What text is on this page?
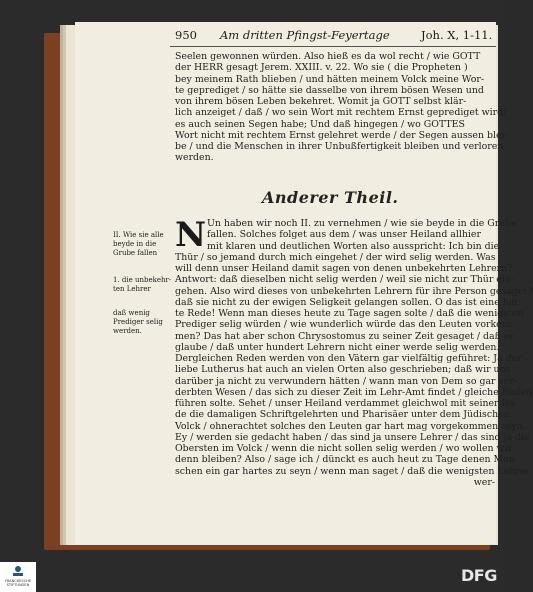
950 Am dritten Pfingst-Feyertage	Joh. X, 1-11.
Seelen gewonnen würden. Also hieß es da wol recht / wie GOTT
der HERR gesagt Jerem. XXIII. v. 22. Wo sie ( die Propheten )
bey meinem Rath blieben / und hätten meinem Volck meine Wor-
te geprediget / so hätte sie dasselbe von ihrem bösen Wesen und
von ihrem bösen Leben bekehret. Womit ja GOTT selbst klär-
lich anzeiget / daß / wo sein Wort mit rechtem Ernst geprediget wird/
es auch seinen Segen habe; Und daß hingegen / wo GOTTES
Wort nicht mit rechtem Ernst gelehret werde / der Segen aussen blei-
be / und die Menschen in ihrer Unbußfertigkeit bleiben und verloren
werden.
Anderer Theil.
N Un haben wir noch II. zu vernehmen / wie sie beyde in die Grube
fallen. Solches folget aus dem / was unser Heiland allhier
mit klaren und deutlichen Worten also ausspricht: Ich bin die
Thür / so jemand durch mich eingehet / der wird selig werden. Was
will denn unser Heiland damit sagen von denen unbekehrten Lehrern?
Antwort: daß dieselben nicht selig werden / weil sie nicht zur Thür ein-
gehen. Also wird dieses von unbekehrten Lehrern für ihre Person gesaget /
daß sie nicht zu der ewigen Seligkeit gelangen sollen. O das ist eine har-
te Rede! Wenn man dieses heute zu Tage sagen solte / daß die wenigsten
Prediger selig würden / wie wunderlich würde das den Leuten vorkom-
men? Das hat aber schon Chrysostomus zu seiner Zeit gesaget / daß er
glaube / daß unter hundert Lehrern nicht einer werde selig werden.
Dergleichen Reden werden von den Vätern gar vielfältig geführet: Ja der
liebe Lutherus hat auch an vielen Orten also geschrieben; daß wir uns
darüber ja nicht zu verwundern hätten / wann man von Dem so gar ver-
derbten Wesen / das sich zu dieser Zeit im Lehr-Amt findet / gleiche Reden
führen solte. Sehet / unser Heiland verdammet gleichwol mit seiner Re-
de die damaligen Schriftgelehrten und Pharisäer unter dem Jüdischen
Volck / ohnerachtet solches den Leuten gar hart mag vorgekommen seyn.
Ey / werden sie gedacht haben / das sind ja unsere Lehrer / das sind ja die
Obersten im Volck / wenn die nicht sollen selig werden / wo wollen wir
denn bleiben? Also / sage ich / dünckt es auch heut zu Tage denen Men-
schen ein gar hartes zu seyn / wenn man saget / daß die wenigsten Lehrer
wer-
II. Wie sie alle beyde in die Grube fallen
1. die unbekehr-ten Lehrer
daß wenig Prediger selig werden.
FRANCKESCHE STIFTUNGEN	DFG
